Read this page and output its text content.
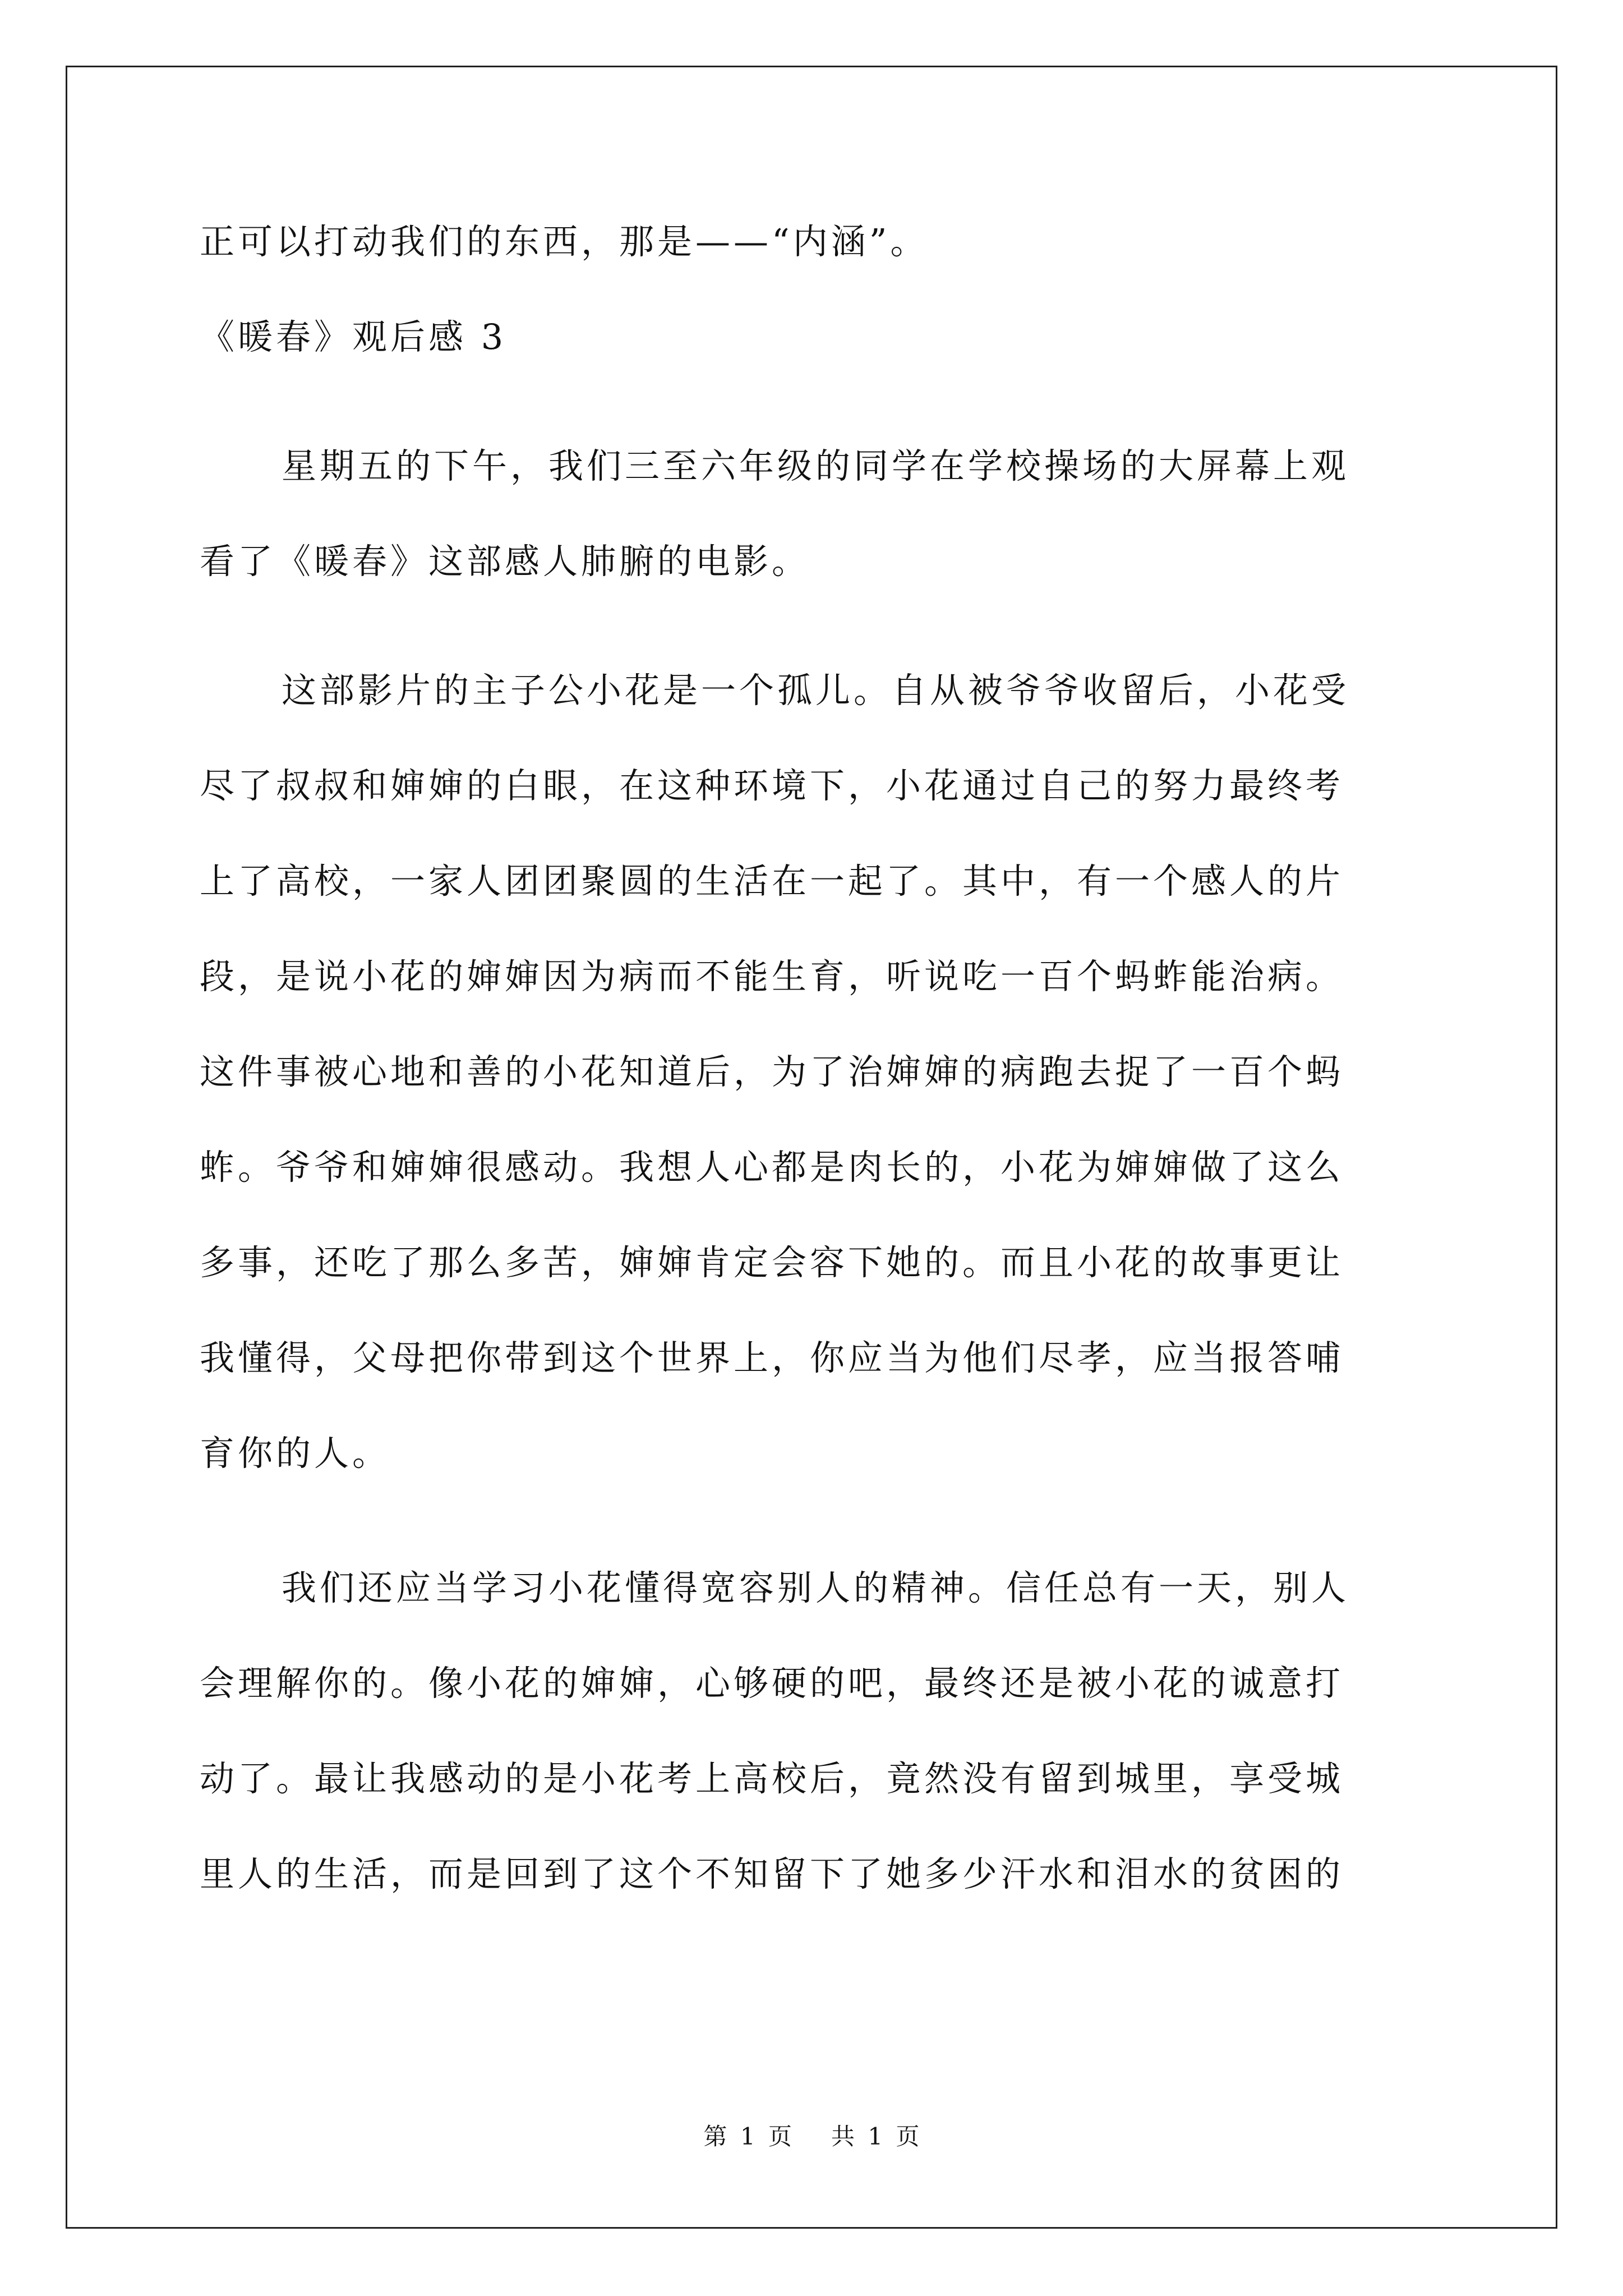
正可以打动我们的东西，那是——“内涵”。
《暖春》观后感 3
星期五的下午，我们三至六年级的同学在学校操场的大屏幕上观
看了《暖春》这部感人肺腑的电影。
这部影片的主子公小花是一个孤儿。自从被爷爷收留后，小花受
尽了叔叔和婶婶的白眼，在这种环境下，小花通过自己的努力最终考
上了高校，一家人团团聚圆的生活在一起了。其中，有一个感人的片
段，是说小花的婶婶因为病而不能生育，听说吃一百个蚂蚱能治病。
这件事被心地和善的小花知道后，为了治婶婶的病跑去捉了一百个蚂
蚱。爷爷和婶婶很感动。我想人心都是肉长的，小花为婶婶做了这么
多事，还吃了那么多苦，婶婶肯定会容下她的。而且小花的故事更让
我懂得，父母把你带到这个世界上，你应当为他们尽孝，应当报答哺
育你的人。
我们还应当学习小花懂得宽容别人的精神。信任总有一天，别人
会理解你的。像小花的婶婶，心够硬的吧，最终还是被小花的诚意打
动了。最让我感动的是小花考上高校后，竟然没有留到城里，享受城
里人的生活，而是回到了这个不知留下了她多少汗水和泪水的贫困的
第 1 页   共 1 页
